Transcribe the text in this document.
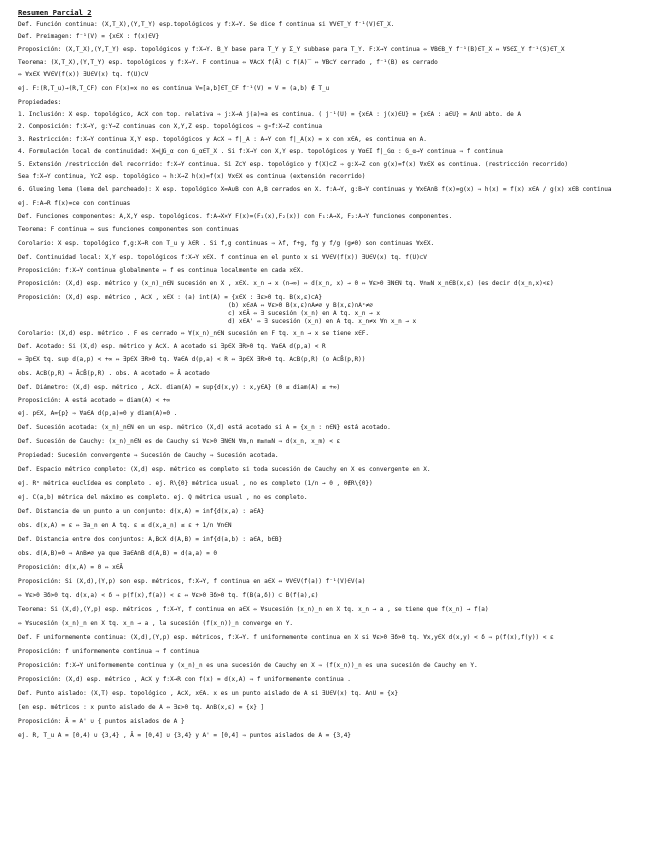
Resumen Parcial 2
Def. Función continua: (X,T_X),(Y,T_Y) esp.topológicos y f:X→Y. Se dice f continua si ∀V∈T_Y f⁻¹(V)∈T_X.
Def. Preimagen: f⁻¹(V) = {x∈X : f(x)∈V}
Proposición: (X,T_X),(Y,T_Y) esp. topológicos y f:X→Y. B_Y base para T_Y y Σ_Y subbase para T_Y. F:X→Y continua ⇔ ∀B∈B_Y f⁻¹(B)∈T_X ⇔ ∀S∈Σ_Y f⁻¹(S)∈T_X
Teorema: (X,T_X),(Y,T_Y) esp. topológicos y f:X→Y. F continua ⇔ ∀A⊂X f(Ā) ⊂ f(A)‾ ⇔ ∀B⊂Y cerrado , f⁻¹(B) es cerrado
⇔ ∀x∈X ∀V∈V(f(x)) ∃U∈V(x) tq. f(U)⊂V
ej. F:(R,T_u)→(R,T_CF) con F(x)=x no es continua V=[a,b]∈T_CF f⁻¹(V) = V = (a,b) ∉ T_u
Propiedades:
1. Inclusión: X esp. topológico, A⊂X con top. relativa ⇒ j:X→A j(a)=a es continua. ( j⁻¹(U) = {x∈A : j(x)∈U} = {x∈A : a∈U} = A∩U abto. de A
2. Composición: f:X→Y, g:Y→Z continuas con X,Y,Z esp. topológicos ⇒ g∘f:X→Z continua
3. Restricción: f:X→Y continua X,Y esp. topológicos y A⊂X ⇒ f|_A : A→Y con f|_A(x) = x con x∈A, es continua en A.
4. Formulación local de continuidad: X=⋃G_α con G_α∈T_X . Si f:X→Y con X,Y esp. topológicos y ∀α∈I f|_Gα : G_α→Y continua ⇒ f continua
5. Extensión /restricción del recorrido: f:X→Y continua. Si Z⊂Y esp. topológico y f(X)⊂Z ⇒ g:X→Z con g(x)=f(x) ∀x∈X es continua. (restricción recorrido)
Sea f:X→Y continua, Y⊂Z esp. topológico ⇒ h:X→Z h(x)=f(x) ∀x∈X es continua (extensión recorrido)
6. Glueing lema (lema del parcheado): X esp. topológico X=A∪B con A,B cerrados en X. f:A→Y, g:B→Y continuas y ∀x∈A∩B f(x)=g(x) ⇒ h(x) = f(x) x∈A / g(x) x∈B continua
ej. F:A→R f(x)=ce con continuas
Def. Funciones componentes: A,X,Y esp. topológicos. f:A→X×Y F(x)=(F₁(x),F₂(x)) con F₁:A→X, F₂:A→Y funciones componentes.
Teorema: F continua ⇔ sus funciones componentes son continuas
Corolario: X esp. topológico f,g:X→R con T_u y λ∈R . Si f,g continuas ⇒ λf, f+g, fg y f/g (g≠0) son continuas ∀x∈X.
Def. Continuidad local: X,Y esp. topológicos f:X→Y x∈X. f continua en el punto x si ∀V∈V(f(x)) ∃U∈V(x) tq. f(U)⊂V
Proposición: f:X→Y continua globalmente ⇔ f es continua localmente en cada x∈X.
Proposición: (X,d) esp. métrico y (x_n)_n∈N sucesión en X , x∈X. x_n → x (n→∞) ⇔ d(x_n, x) → 0 ⇔ ∀ε>0 ∃N∈N tq. ∀n≥N x_n∈B(x,ε) (es decir d(x_n,x)<ε)
Proposición: (X,d) esp. métrico , A⊂X , x∈X : (a) int(A) = {x∈X : ∃ε>0 tq. B(x,ε)⊂A}
(b) x∈∂A ⇔ ∀ε>0 B(x,ε)∩A≠∅ y B(x,ε)∩Aᶜ≠∅
c) x∈Ā ⇔ ∃ sucesión (x_n) en A tq. x_n → x
d) x∈A' ⇔ ∃ sucesión (x_n) en A tq. x_n≠x ∀n x_n → x
Corolario: (X,d) esp. métrico . F es cerrado ⇔ ∀(x_n)_n∈N sucesión en F tq. x_n → x se tiene x∈F.
Def. Acotado: Si (X,d) esp. métrico y A⊂X. A acotado si ∃p∈X ∃R>0 tq. ∀a∈A d(p,a) < R
⇔ ∃p∈X tq. sup d(a,p) < +∞ ⇔ ∃p∈X ∃R>0 tq. ∀a∈A d(p,a) < R ⇔ ∃p∈X ∃R>0 tq. A⊂B(p,R) (o A⊂B̄(p,R))
obs. A⊂B(p,R) ⇒ Ā⊂B̄(p,R) . obs. A acotado ⇔ Ā acotado
Def. Diámetro: (X,d) esp. métrico , A⊂X. diam(A) = sup{d(x,y) : x,y∈A} (0 ≤ diam(A) ≤ +∞)
Proposición: A está acotado ⇔ diam(A) < +∞
ej. p∈X, A={p} ⇒ ∀a∈A d(p,a)=0 y diam(A)=0 .
Def. Sucesión acotada: (x_n)_n∈N en un esp. métrico (X,d) está acotado si A = {x_n : n∈N} está acotado.
Def. Sucesión de Cauchy: (x_n)_n∈N es de Cauchy si ∀ε>0 ∃N∈N ∀m,n m≥n≥N ⇒ d(x_n, x_m) < ε
Propiedad: Sucesión convergente ⇒ Sucesión de Cauchy ⇒ Sucesión acotada.
Def. Espacio métrico completo: (X,d) esp. métrico es completo si toda sucesión de Cauchy en X es convergente en X.
ej. Rⁿ métrica euclídea es completo . ej. R\{0} métrica usual , no es completo (1/n → 0 , 0∉R\{0})
ej. C(a,b) métrica del máximo es completo. ej. Q métrica usual , no es completo.
Def. Distancia de un punto a un conjunto: d(x,A) = inf{d(x,a) : a∈A}
obs. d(x,A) = ε ⇔ ∃a_n en A tq. ε ≤ d(x,a_n) ≤ ε + 1/n ∀n∈N
Def. Distancia entre dos conjuntos: A,B⊂X d(A,B) = inf{d(a,b) : a∈A, b∈B}
obs. d(A,B)=0 ⇒ A∩B≠∅ ya que ∃a∈A∩B d(A,B) = d(a,a) = 0
Proposición: d(x,A) = 0 ⇔ x∈Ā
Proposición: Si (X,d),(Y,p) son esp. métricos, f:X→Y, f continua en a∈X ⇔ ∀V∈V(f(a)) f⁻¹(V)∈V(a)
⇔ ∀ε>0 ∃δ>0 tq. d(x,a) < δ ⇒ p(f(x),f(a)) < ε ⇔ ∀ε>0 ∃δ>0 tq. f(B(a,δ)) ⊂ B(f(a),ε)
Teorema: Si (X,d),(Y,p) esp. métricos , f:X→Y, f continua en a∈X ⇔ ∀sucesión (x_n)_n en X tq. x_n → a , se tiene que f(x_n) → f(a)
⇔ ∀sucesión (x_n)_n en X tq. x_n → a , la sucesión (f(x_n))_n converge en Y.
Def. F uniformemente continua: (X,d),(Y,p) esp. métricos, f:X→Y. f uniformemente continua en X si ∀ε>0 ∃δ>0 tq. ∀x,y∈X d(x,y) < δ ⇒ p(f(x),f(y)) < ε
Proposición: f uniformemente continua ⇒ f continua
Proposición: f:X→Y uniformemente continua y (x_n)_n es una sucesión de Cauchy en X ⇒ (f(x_n))_n es una sucesión de Cauchy en Y.
Proposición: (X,d) esp. métrico , A⊂X y f:X→R con f(x) = d(x,A) ⇒ f uniformemente continua .
Def. Punto aislado: (X,T) esp. topológico , A⊂X, x∈A. x es un punto aislado de A si ∃U∈V(x) tq. A∩U = {x}
[en esp. métricos : x punto aislado de A ⇔ ∃ε>0 tq. A∩B(x,ε) = {x} ]
Proposición: Ā = A' ∪ { puntos aislados de A }
ej. R, T_u A = [0,4) ∪ {3,4} , Ā = [0,4] ∪ {3,4} y A' = [0,4] ⇒ puntos aislados de A = {3,4}
